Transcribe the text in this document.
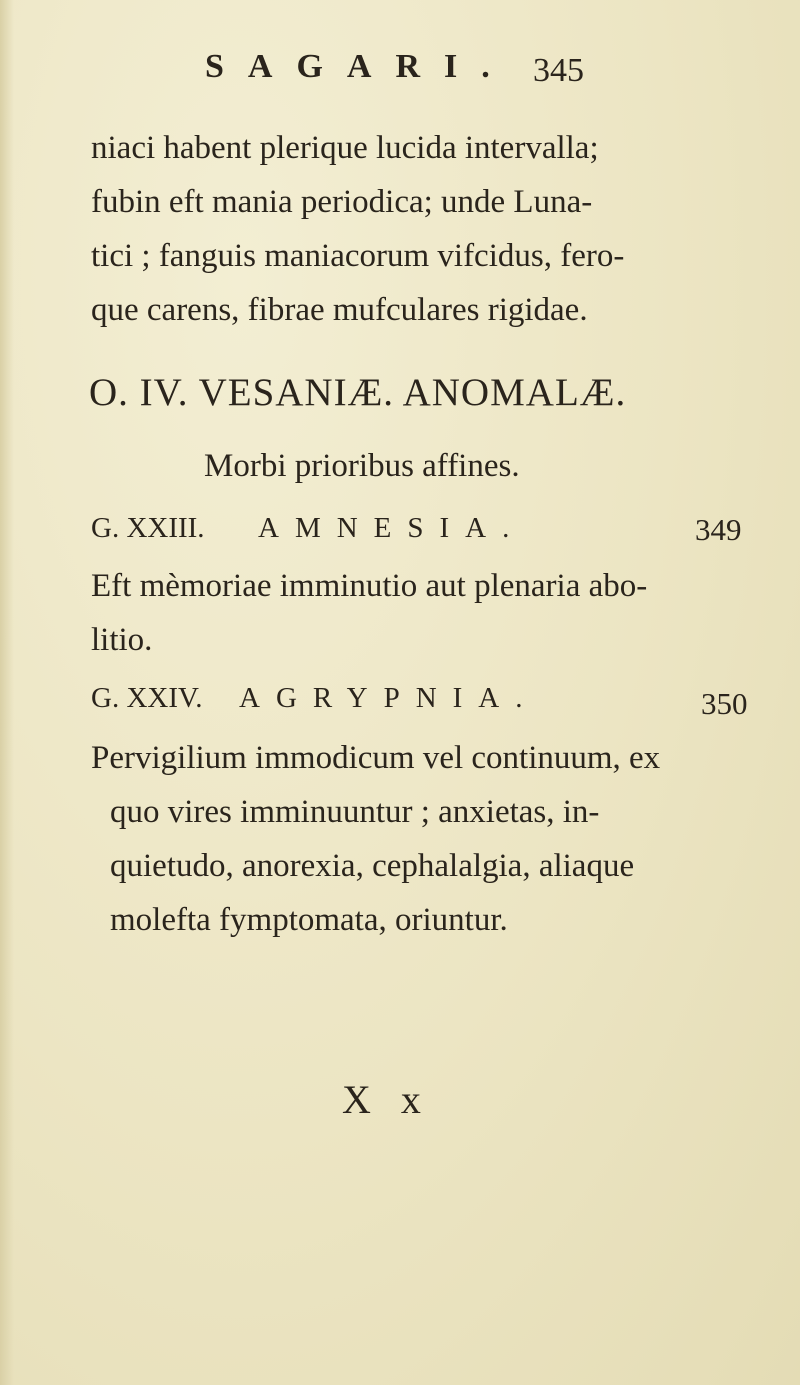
SAGARI. 345
niaci habent plerique lucida intervalla;
fubin eft mania periodica; unde Luna-
tici ; fanguis maniacorum vifcidus, fero-
que carens, fibrae mufculares rigidae.
O. IV. VESANIÆ. ANOMALÆ.
Morbi prioribus affines.
G. XXIII. AMNESIA.	349
Eft mèmoriae imminutio aut plenaria abo-
litio.
G. XXIV. AGRYPNIA.	350
Pervigilium immodicum vel continuum, ex
quo vires imminuuntur ; anxietas, in-
quietudo, anorexia, cephalalgia, aliaque
molefta fymptomata, oriuntur.
X x
